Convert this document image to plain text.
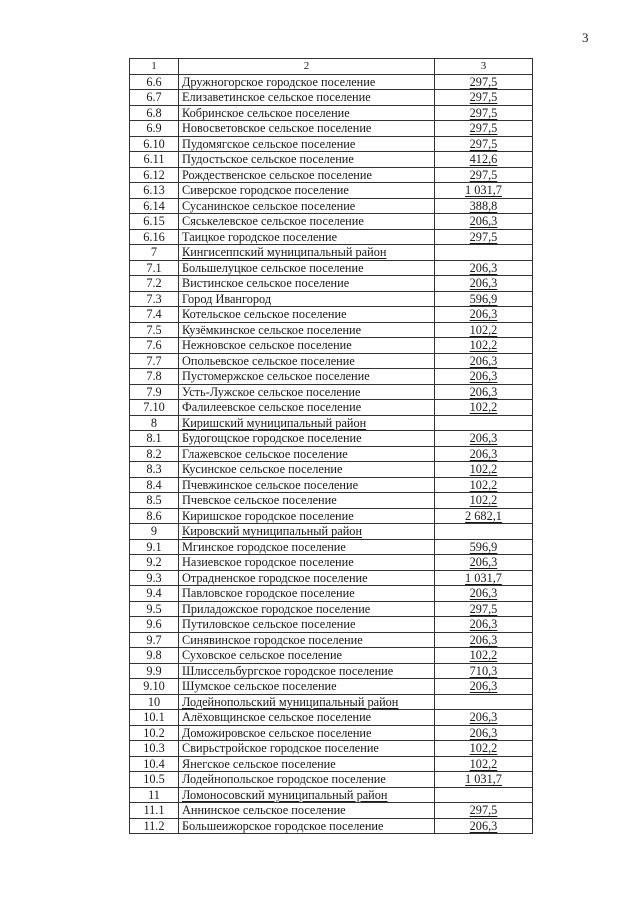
3
1	2	3
6.6	Дружногорское городское поселение	297,5
6.7	Елизаветинское сельское поселение	297,5
6.8	Кобринское сельское поселение	297,5
6.9	Новосветовское сельское поселение	297,5
6.10	Пудомягское сельское поселение	297,5
6.11	Пудостьское сельское поселение	412,6
6.12	Рождественское сельское поселение	297,5
6.13	Сиверское городское поселение	1 031,7
6.14	Сусанинское сельское поселение	388,8
6.15	Сяськелевское сельское поселение	206,3
6.16	Таицкое городское поселение	297,5
7	Кингисеппский муниципальный район	
7.1	Большелуцкое сельское поселение	206,3
7.2	Вистинское сельское поселение	206,3
7.3	Город Ивангород	596,9
7.4	Котельское сельское поселение	206,3
7.5	Кузёмкинское сельское поселение	102,2
7.6	Нежновское сельское поселение	102,2
7.7	Опольевское сельское поселение	206,3
7.8	Пустомержское сельское поселение	206,3
7.9	Усть-Лужское сельское поселение	206,3
7.10	Фалилеевское сельское поселение	102,2
8	Киришский муниципальный район	
8.1	Будогощское городское поселение	206,3
8.2	Глажевское сельское поселение	206,3
8.3	Кусинское сельское поселение	102,2
8.4	Пчевжинское сельское поселение	102,2
8.5	Пчевское сельское поселение	102,2
8.6	Киришское городское поселение	2 682,1
9	Кировский муниципальный район	
9.1	Мгинское городское поселение	596,9
9.2	Назиевское городское поселение	206,3
9.3	Отрадненское городское поселение	1 031,7
9.4	Павловское городское поселение	206,3
9.5	Приладожское городское поселение	297,5
9.6	Путиловское сельское поселение	206,3
9.7	Синявинское городское поселение	206,3
9.8	Суховское сельское поселение	102,2
9.9	Шлиссельбургское городское поселение	710,3
9.10	Шумское сельское поселение	206,3
10	Лодейнопольский муниципальный район	
10.1	Алёховщинское сельское поселение	206,3
10.2	Доможировское сельское поселение	206,3
10.3	Свирьстройское городское поселение	102,2
10.4	Янегское сельское поселение	102,2
10.5	Лодейнопольское городское поселение	1 031,7
11	Ломоносовский муниципальный район	
11.1	Аннинское сельское поселение	297,5
11.2	Большеижорское городское поселение	206,3
